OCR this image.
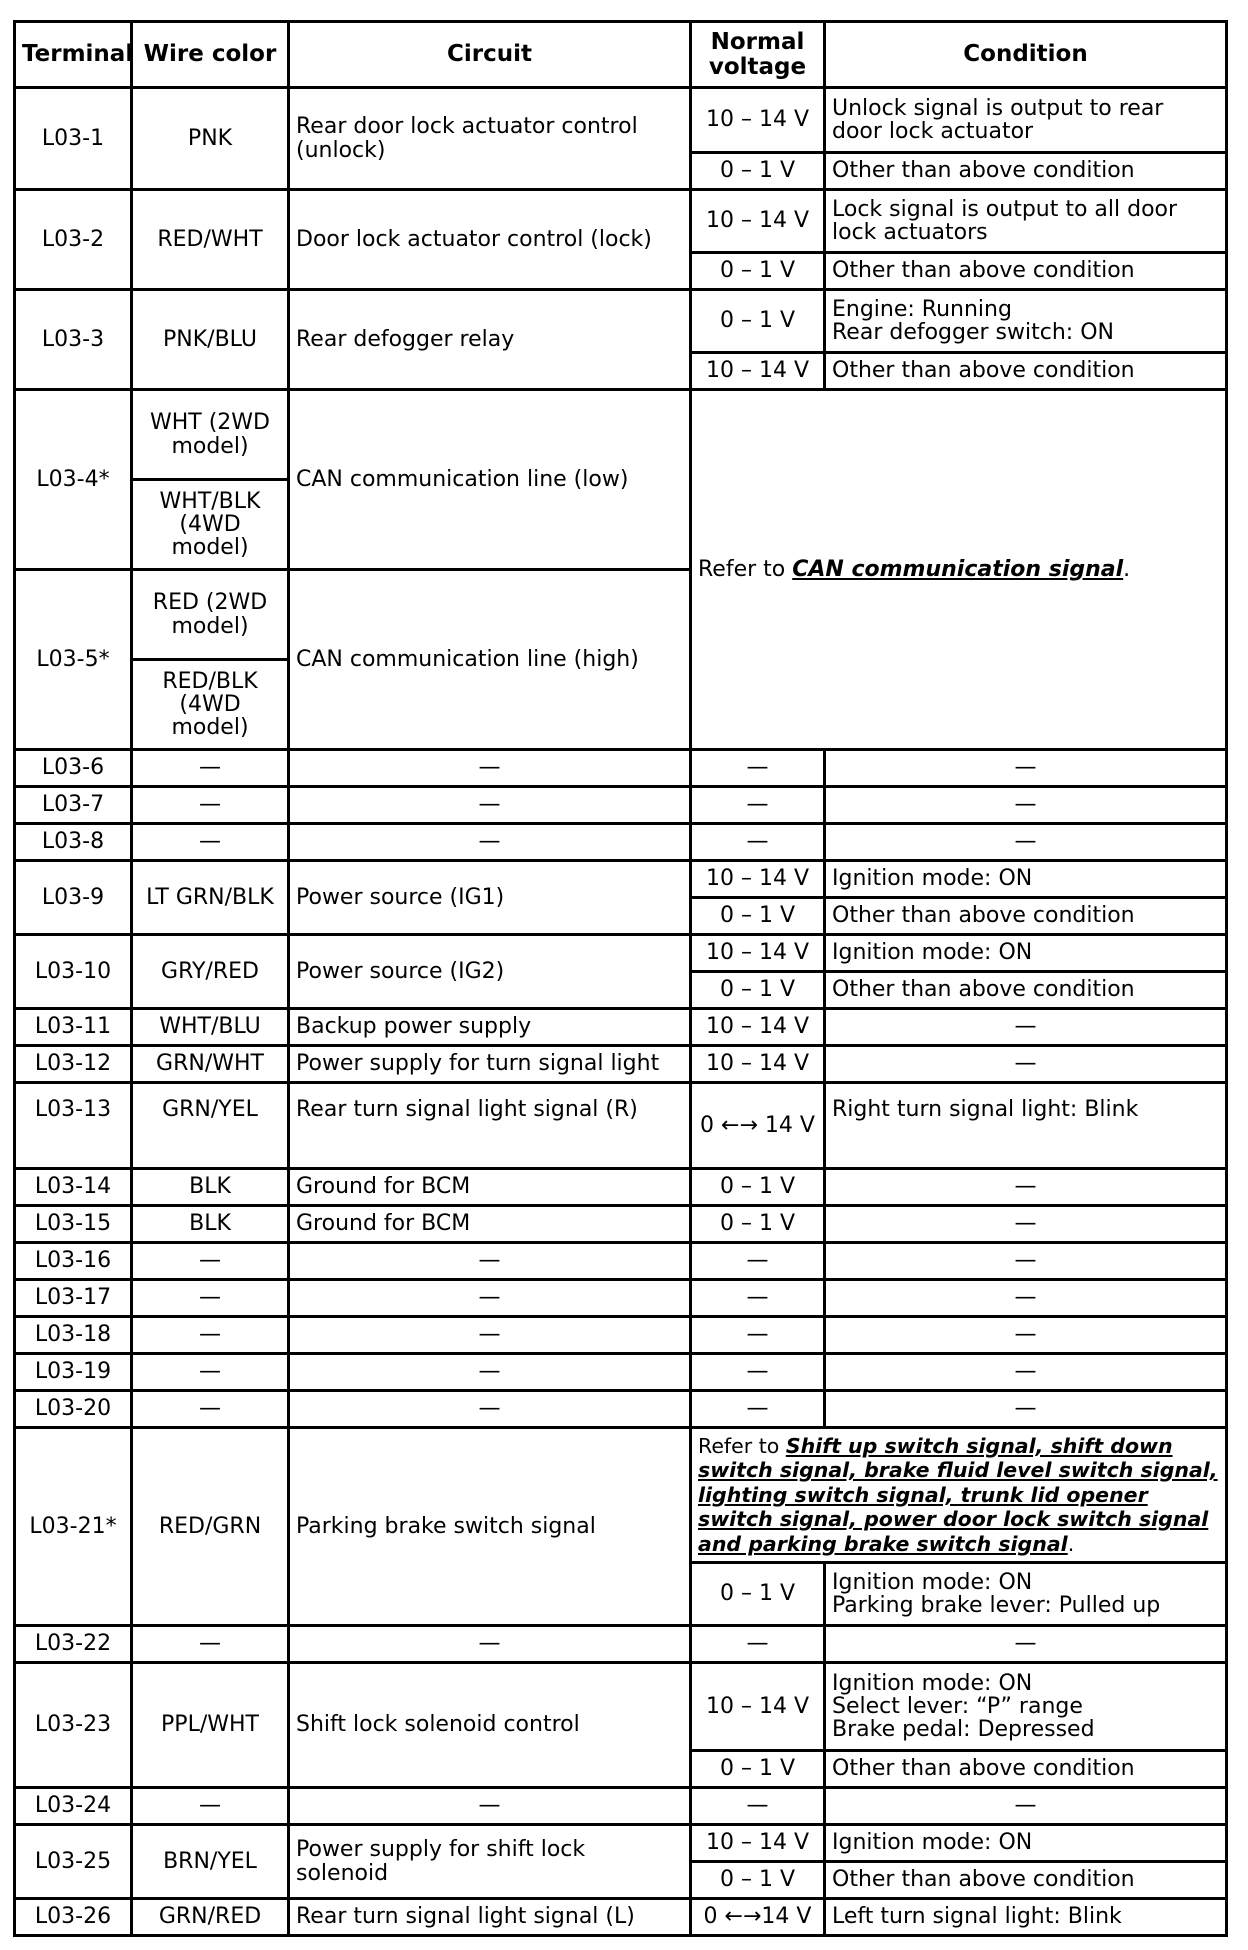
Terminal	Wire color	Circuit	Normal voltage	Condition
L03-1	PNK	Rear door lock actuator control (unlock)	10 – 14 V	Unlock signal is output to rear door lock actuator
			0 – 1 V	Other than above condition
L03-2	RED/WHT	Door lock actuator control (lock)	10 – 14 V	Lock signal is output to all door lock actuators
			0 – 1 V	Other than above condition
L03-3	PNK/BLU	Rear defogger relay	0 – 1 V	Engine: Running
Rear defogger switch: ON

			10 – 14 V	Other than above condition
L03-4*	WHT (2WD model)	CAN communication line (low)	Refer to CAN communication signal.	
	WHT/BLK (4WD model)			
L03-5*	RED (2WD model)	CAN communication line (high)		
	RED/BLK (4WD model)			
L03-6	—	—	—	—
L03-7	—	—	—	—
L03-8	—	—	—	—
L03-9	LT GRN/BLK	Power source (IG1)	10 – 14 V	Ignition mode: ON
			0 – 1 V	Other than above condition
L03-10	GRY/RED	Power source (IG2)	10 – 14 V	Ignition mode: ON
			0 – 1 V	Other than above condition
L03-11	WHT/BLU	Backup power supply	10 – 14 V	—
L03-12	GRN/WHT	Power supply for turn signal light	10 – 14 V	—
L03-13	GRN/YEL	Rear turn signal light signal (R)	0 ←→ 14 V	Right turn signal light: Blink
L03-14	BLK	Ground for BCM	0 – 1 V	—
L03-15	BLK	Ground for BCM	0 – 1 V	—
L03-16	—	—	—	—
L03-17	—	—	—	—
L03-18	—	—	—	—
L03-19	—	—	—	—
L03-20	—	—	—	—
L03-21*	RED/GRN	Parking brake switch signal	Refer to Shift up switch signal, shift down switch signal, brake fluid level switch signal, lighting switch signal, trunk lid opener switch signal, power door lock switch signal and parking brake switch signal.	
			0 – 1 V	Ignition mode: ON
Parking brake lever: Pulled up

L03-22	—	—	—	—
L03-23	PPL/WHT	Shift lock solenoid control	10 – 14 V	Ignition mode: ON
Select lever: “P” range
Brake pedal: Depressed

			0 – 1 V	Other than above condition
L03-24	—	—	—	—
L03-25	BRN/YEL	Power supply for shift lock solenoid	10 – 14 V	Ignition mode: ON
			0 – 1 V	Other than above condition
L03-26	GRN/RED	Rear turn signal light signal (L)	0 ←→14 V	Left turn signal light: Blink
